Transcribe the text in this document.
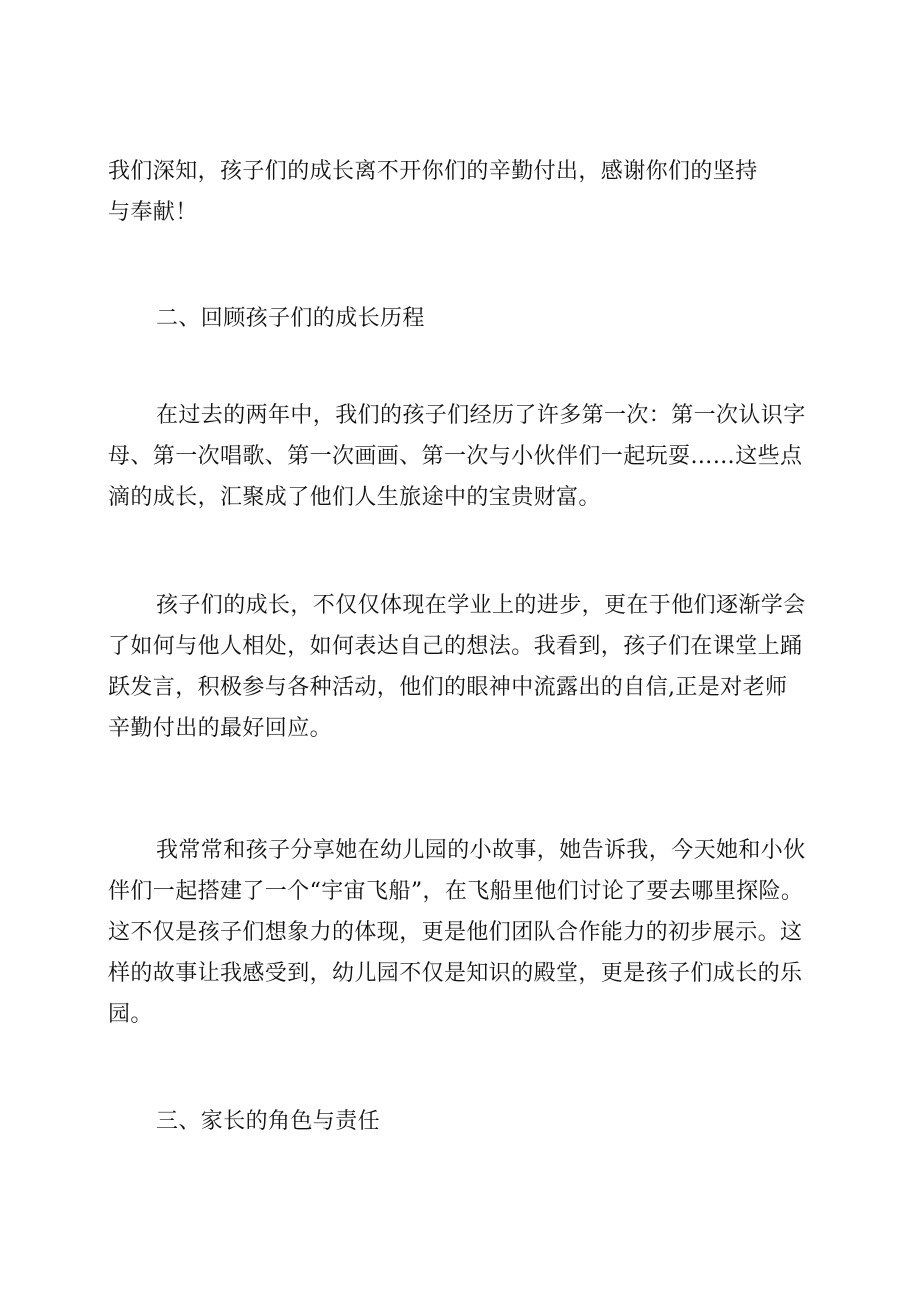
我们深知，孩子们的成长离不开你们的辛勤付出，感谢你们的坚持
与奉献！
二、回顾孩子们的成长历程
在过去的两年中，我们的孩子们经历了许多第一次：第一次认识字
母、第一次唱歌、第一次画画、第一次与小伙伴们一起玩耍……这些点
滴的成长，汇聚成了他们人生旅途中的宝贵财富。
孩子们的成长，不仅仅体现在学业上的进步，更在于他们逐渐学会
了如何与他人相处，如何表达自己的想法。我看到，孩子们在课堂上踊
跃发言，积极参与各种活动，他们的眼神中流露出的自信,正是对老师
辛勤付出的最好回应。
我常常和孩子分享她在幼儿园的小故事，她告诉我，今天她和小伙
伴们一起搭建了一个“宇宙飞船”，在飞船里他们讨论了要去哪里探险。
这不仅是孩子们想象力的体现，更是他们团队合作能力的初步展示。这
样的故事让我感受到，幼儿园不仅是知识的殿堂，更是孩子们成长的乐
园。
三、家长的角色与责任
